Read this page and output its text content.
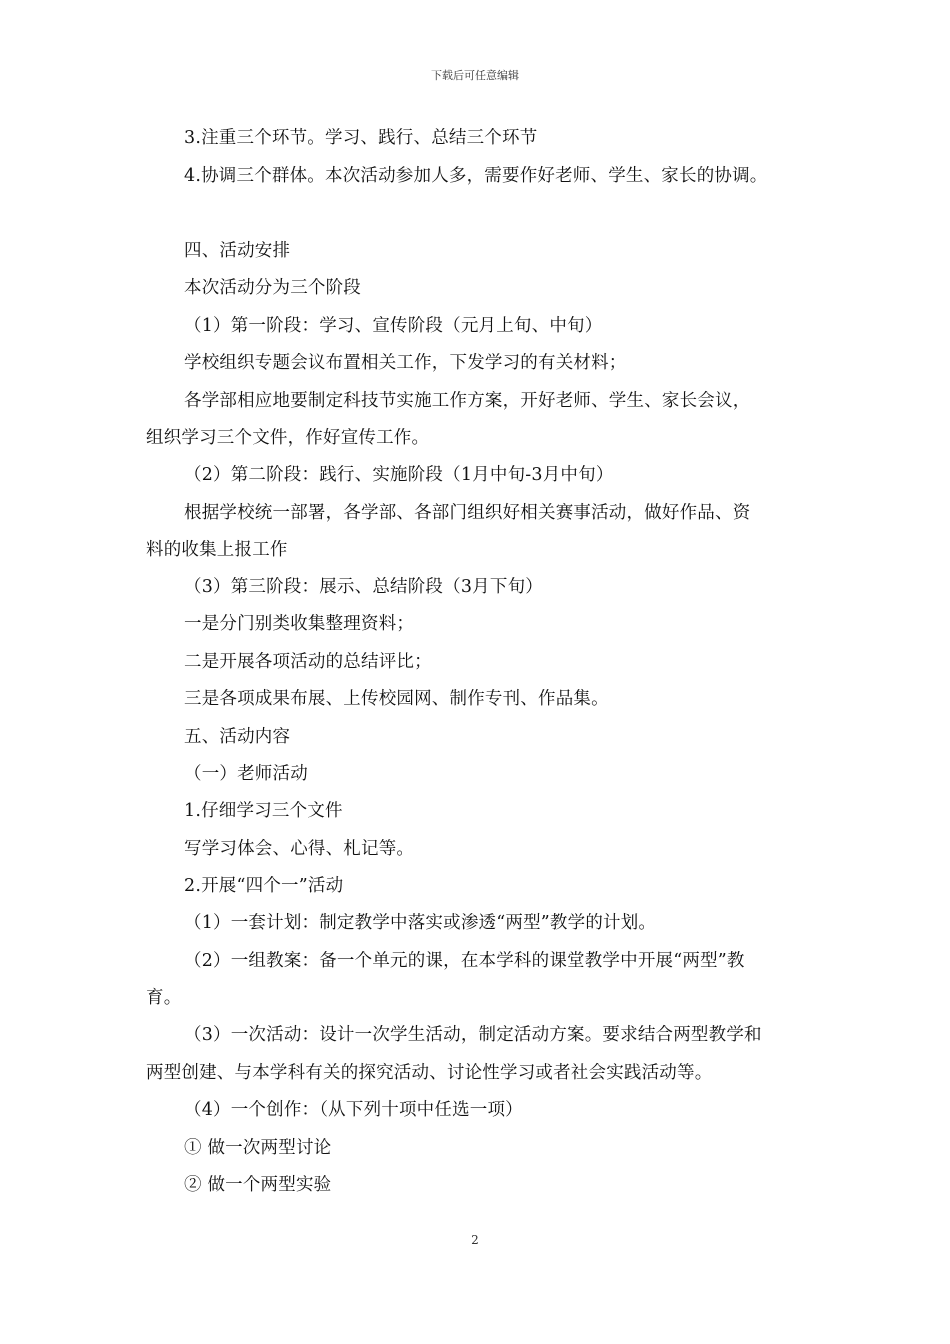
下载后可任意编辑
3.注重三个环节。学习、践行、总结三个环节
4.协调三个群体。本次活动参加人多，需要作好老师、学生、家长的协调。
四、活动安排
本次活动分为三个阶段
（1）第一阶段：学习、宣传阶段（元月上旬、中旬）
学校组织专题会议布置相关工作，下发学习的有关材料；
各学部相应地要制定科技节实施工作方案，开好老师、学生、家长会议，
组织学习三个文件，作好宣传工作。
（2）第二阶段：践行、实施阶段（1月中旬-3月中旬）
根据学校统一部署，各学部、各部门组织好相关赛事活动，做好作品、资
料的收集上报工作
（3）第三阶段：展示、总结阶段（3月下旬）
一是分门别类收集整理资料；
二是开展各项活动的总结评比；
三是各项成果布展、上传校园网、制作专刊、作品集。
五、活动内容
（一）老师活动
1.仔细学习三个文件
写学习体会、心得、札记等。
2.开展“四个一”活动
（1）一套计划：制定教学中落实或渗透“两型”教学的计划。
（2）一组教案：备一个单元的课，在本学科的课堂教学中开展“两型”教
育。
（3）一次活动：设计一次学生活动，制定活动方案。要求结合两型教学和
两型创建、与本学科有关的探究活动、讨论性学习或者社会实践活动等。
（4）一个创作：（从下列十项中任选一项）
① 做一次两型讨论
② 做一个两型实验
2
